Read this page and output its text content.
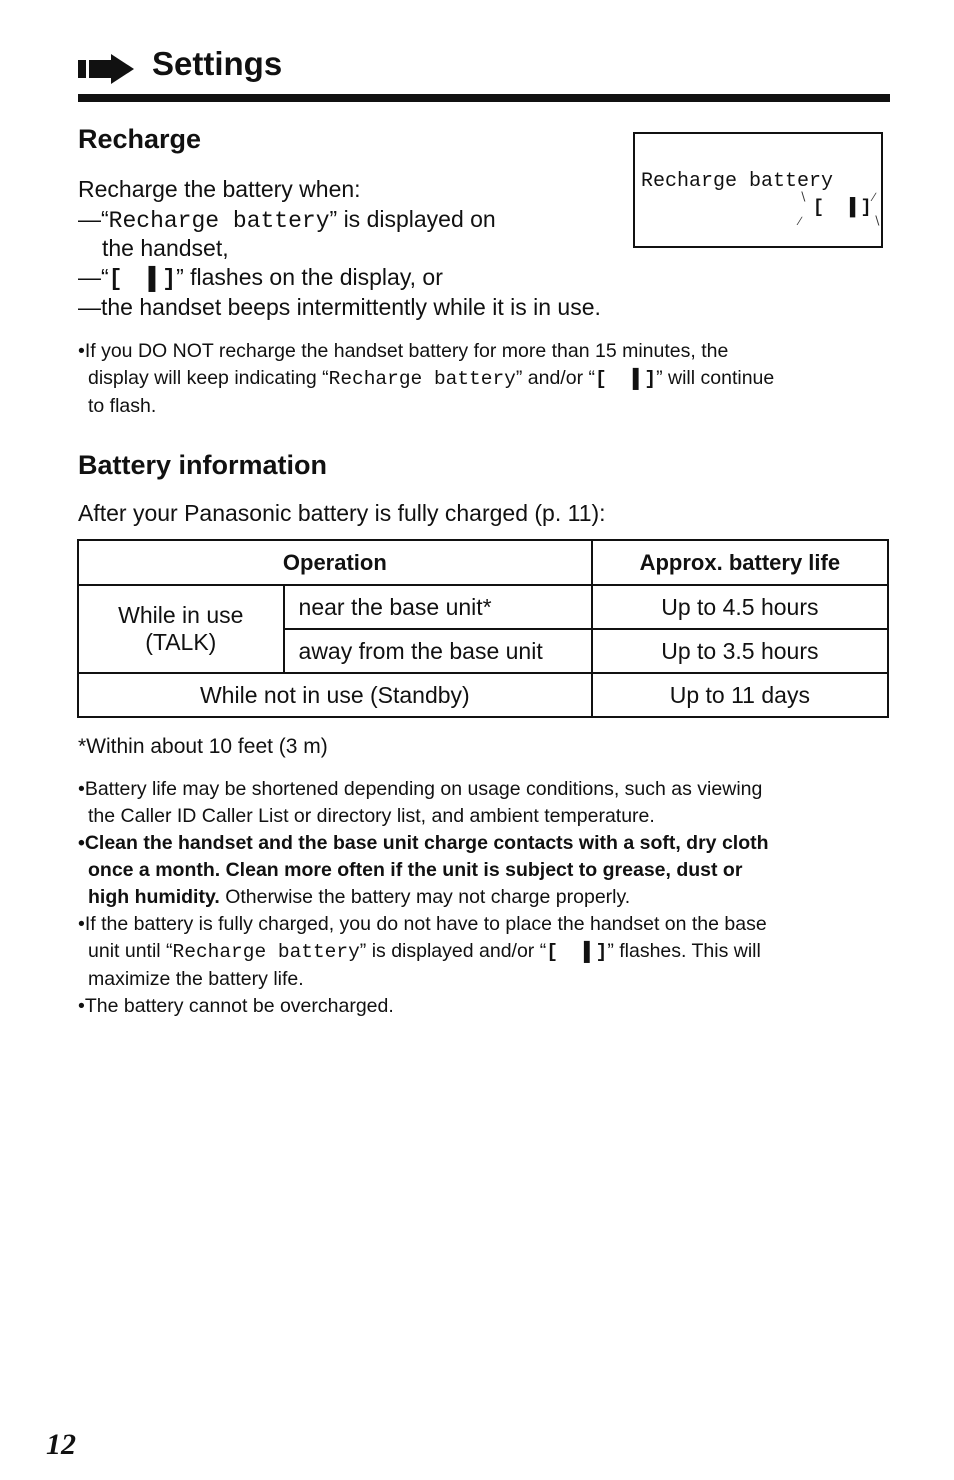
Settings
Recharge
Recharge the battery when:
—“Recharge battery” is displayed on
the handset,
—“[ ▌]” flashes on the display, or
—the handset beeps intermittently while it is in use.
Recharge battery
[ ▌]
∖
∕
∕
∖
•If you DO NOT recharge the handset battery for more than 15 minutes, the
display will keep indicating “Recharge battery” and/or “[ ▌]” will continue
to flash.
Battery information
After your Panasonic battery is fully charged (p. 11):
Operation		Approx. battery life

While in use
(TALK)	near the base unit*	Up to 4.5 hours
	away from the base unit	Up to 3.5 hours
While not in use (Standby)		Up to 11 days
*Within about 10 feet (3 m)
•Battery life may be shortened depending on usage conditions, such as viewing
the Caller ID Caller List or directory list, and ambient temperature.
•Clean the handset and the base unit charge contacts with a soft, dry cloth
once a month. Clean more often if the unit is subject to grease, dust or
high humidity. Otherwise the battery may not charge properly.
•If the battery is fully charged, you do not have to place the handset on the base
unit until “Recharge battery” is displayed and/or “[ ▌]” flashes. This will
maximize the battery life.
•The battery cannot be overcharged.
12
